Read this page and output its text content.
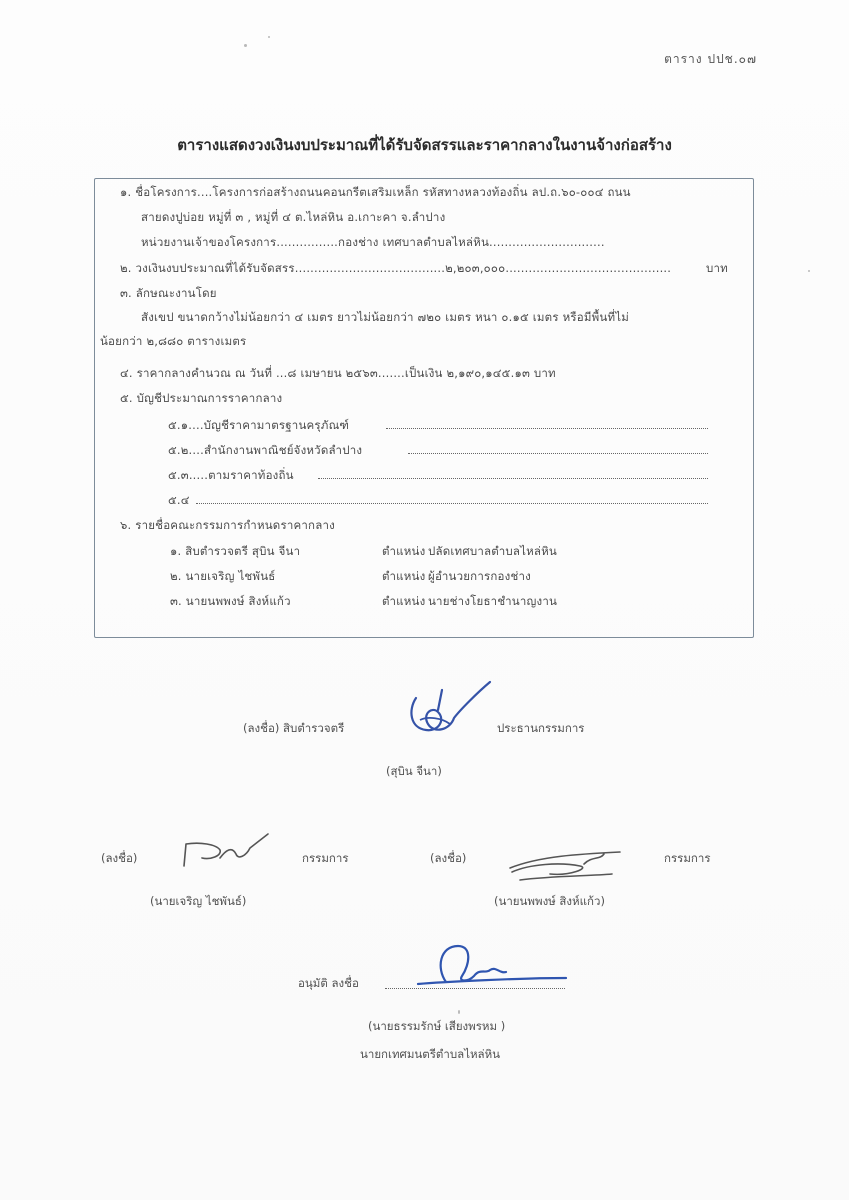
ตาราง ปปช.๐๗
ตารางแสดงวงเงินงบประมาณที่ได้รับจัดสรรและราคากลางในงานจ้างก่อสร้าง
๑. ชื่อโครงการ....โครงการก่อสร้างถนนคอนกรีตเสริมเหล็ก รหัสทางหลวงท้องถิ่น ลป.ถ.๖๐-๐๐๔ ถนน
สายดงปูบ่อย หมู่ที่ ๓ , หมู่ที่ ๔ ต.ไหล่หิน อ.เกาะคา จ.ลำปาง
หน่วยงานเจ้าของโครงการ................กองช่าง เทศบาลตำบลไหล่หิน..............................
๒. วงเงินงบประมาณที่ได้รับจัดสรร.......................................๒,๒๐๓,๐๐๐...........................................	บาท
๓. ลักษณะงานโดย
สังเขป ขนาดกว้างไม่น้อยกว่า ๔ เมตร ยาวไม่น้อยกว่า ๗๒๐ เมตร หนา ๐.๑๕ เมตร หรือมีพื้นที่ไม่
น้อยกว่า ๒,๘๘๐ ตารางเมตร
๔. ราคากลางคำนวณ ณ วันที่ ...๘ เมษายน ๒๕๖๓.......เป็นเงิน ๒,๑๙๐,๑๔๕.๑๓ บาท
๕. บัญชีประมาณการราคากลาง
๕.๑....บัญชีราคามาตรฐานครุภัณฑ์
๕.๒....สำนักงานพาณิชย์จังหวัดลำปาง
๕.๓.....ตามราคาท้องถิ่น
๕.๔
๖. รายชื่อคณะกรรมการกำหนดราคากลาง
๑. สิบตำรวจตรี สุบิน จีนา	ตำแหน่ง ปลัดเทศบาลตำบลไหล่หิน
๒. นายเจริญ ไชพันธ์	ตำแหน่ง ผู้อำนวยการกองช่าง
๓. นายนพพงษ์ สิงห์แก้ว	ตำแหน่ง นายช่างโยธาชำนาญงาน
(ลงชื่อ) สิบตำรวจตรี	ประธานกรรมการ
(สุบิน จีนา)
(ลงชื่อ)	กรรมการ
(นายเจริญ ไชพันธ์)
(ลงชื่อ)	กรรมการ
(นายนพพงษ์ สิงห์แก้ว)
อนุมัติ ลงชื่อ
(นายธรรมรักษ์ เสียงพรหม )
นายกเทศมนตรีตำบลไหล่หิน
